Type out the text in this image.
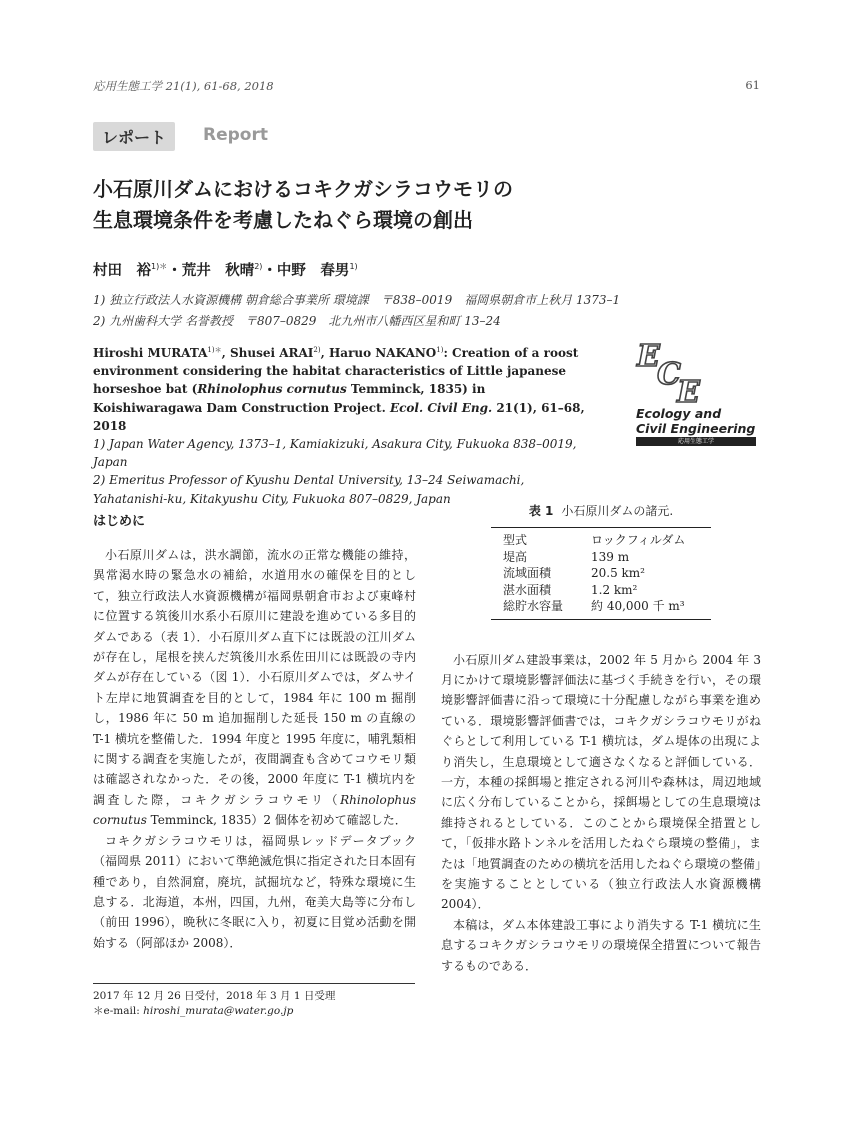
応用生態工学 21(1), 61-68, 2018	61
レポート	Report
小石原川ダムにおけるコキクガシラコウモリの
生息環境条件を考慮したねぐら環境の創出
村田　裕$^{1)*}$・荒井　秋晴$^{2)}$・中野　春男$^{1)}$
1) 独立行政法人水資源機構 朝倉総合事業所 環境課　〒838–0019　福岡県朝倉市上秋月 1373–1
2) 九州歯科大学 名誉教授　〒807–0829　北九州市八幡西区星和町 13–24
Hiroshi $MURATA^{1)*}$, Shusei ARAI$^{2)}$, Haruo NAKANO$^{1)}$: Creation of a roost environment considering the habitat characteristics of Little japanese horseshoe bat (Rhinolophus cornutus Temminck, 1835) in Koishiwaragawa Dam Construction Project. Ecol. Civil Eng. 21(1), 61–68, 2018
1) Japan Water Agency, 1373–1, Kamiakizuki, Asakura City, Fukuoka 838–0019, Japan
2) Emeritus Professor of Kyushu Dental University, 13–24 Seiwamachi, Yahatanishi-ku, Kitakyushu City, Fukuoka 807–0829, Japan
E
C
E
Ecology and
Civil Engineering
応用生態工学
はじめに

小石原川ダムは，洪水調節，流水の正常な機能の維持，異常渇水時の緊急水の補給，水道用水の確保を目的として，独立行政法人水資源機構が福岡県朝倉市および東峰村に位置する筑後川水系小石原川に建設を進めている多目的ダムである（表 1）．小石原川ダム直下には既設の江川ダムが存在し，尾根を挟んだ筑後川水系佐田川には既設の寺内ダムが存在している（図 1）．小石原川ダムでは，ダムサイト左岸に地質調査を目的として，1984 年に 100 m 掘削し，1986 年に 50 m 追加掘削した延長 150 m の直線の T-1 横坑を整備した．1994 年度と 1995 年度に，哺乳類相に関する調査を実施したが，夜間調査も含めてコウモリ類は確認されなかった．その後，2000 年度に T-1 横坑内を調査した際，コキクガシラコウモリ（Rhinolophus cornutus Temminck, 1835）2 個体を初めて確認した．

コキクガシラコウモリは，福岡県レッドデータブック（福岡県 2011）において準絶滅危惧に指定された日本固有種であり，自然洞窟，廃坑，試掘坑など，特殊な環境に生息する．北海道，本州，四国，九州，奄美大島等に分布し（前田 1996），晩秋に冬眠に入り，初夏に目覚め活動を開始する（阿部ほか 2008）．

2017 年 12 月 26 日受付，2018 年 3 月 1 日受理
＊e-mail: hiroshi_murata@water.go.jp
表 1 小石原川ダムの諸元.
型式	ロックフィルダム
堤高	139 m
流域面積	20.5 km²
湛水面積	1.2 km²
総貯水容量	約 40,000 千 m³

小石原川ダム建設事業は，2002 年 5 月から 2004 年 3 月にかけて環境影響評価法に基づく手続きを行い，その環境影響評価書に沿って環境に十分配慮しながら事業を進めている．環境影響評価書では，コキクガシラコウモリがねぐらとして利用している T-1 横坑は，ダム堤体の出現により消失し，生息環境として適さなくなると評価している．一方，本種の採餌場と推定される河川や森林は，周辺地域に広く分布していることから，採餌場としての生息環境は維持されるとしている．このことから環境保全措置として，「仮排水路トンネルを活用したねぐら環境の整備」，または「地質調査のための横坑を活用したねぐら環境の整備」を実施することとしている（独立行政法人水資源機構 2004）．

本稿は，ダム本体建設工事により消失する T-1 横坑に生息するコキクガシラコウモリの環境保全措置について報告するものである．
